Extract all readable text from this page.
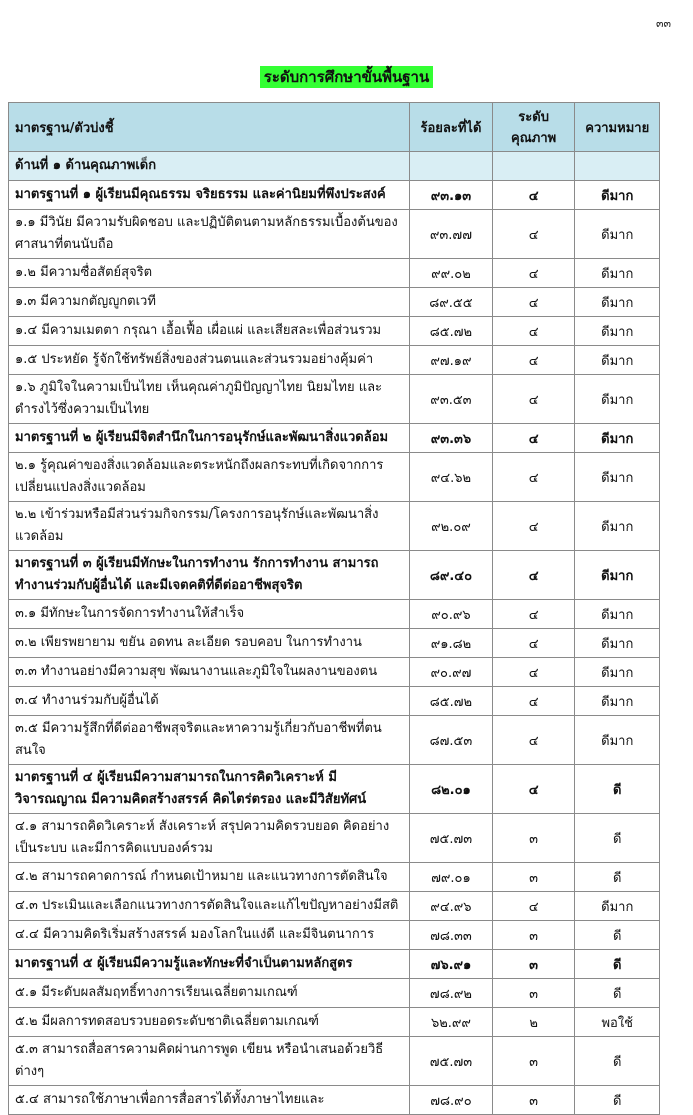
๓๓
ระดับการศึกษาขั้นพื้นฐาน
มาตรฐาน/ตัวบ่งชี้	ร้อยละที่ได้	ระดับ คุณภาพ	ความหมาย
ด้านที่ ๑ ด้านคุณภาพเด็ก			
มาตรฐานที่ ๑ ผู้เรียนมีคุณธรรม จริยธรรม และค่านิยมที่พึงประสงค์	๙๓.๑๓	๔	ดีมาก
๑.๑ มีวินัย มีความรับผิดชอบ และปฏิบัติตนตามหลักธรรมเบื้องต้นของศาสนาที่ตนนับถือ	๙๓.๗๗	๔	ดีมาก
๑.๒ มีความซื่อสัตย์สุจริต	๙๙.๐๒	๔	ดีมาก
๑.๓ มีความกตัญญูกตเวที	๘๙.๕๕	๔	ดีมาก
๑.๔ มีความเมตตา กรุณา เอื้อเฟื้อ เผื่อแผ่ และเสียสละเพื่อส่วนรวม	๘๕.๗๒	๔	ดีมาก
๑.๕ ประหยัด รู้จักใช้ทรัพย์สิ่งของส่วนตนและส่วนรวมอย่างคุ้มค่า	๙๗.๑๙	๔	ดีมาก
๑.๖ ภูมิใจในความเป็นไทย เห็นคุณค่าภูมิปัญญาไทย นิยมไทย และดำรงไว้ซึ่งความเป็นไทย	๙๓.๕๓	๔	ดีมาก
มาตรฐานที่ ๒ ผู้เรียนมีจิตสำนึกในการอนุรักษ์และพัฒนาสิ่งแวดล้อม	๙๓.๓๖	๔	ดีมาก
๒.๑ รู้คุณค่าของสิ่งแวดล้อมและตระหนักถึงผลกระทบที่เกิดจากการเปลี่ยนแปลงสิ่งแวดล้อม	๙๔.๖๒	๔	ดีมาก
๒.๒ เข้าร่วมหรือมีส่วนร่วมกิจกรรม/โครงการอนุรักษ์และพัฒนาสิ่งแวดล้อม	๙๒.๐๙	๔	ดีมาก
มาตรฐานที่ ๓ ผู้เรียนมีทักษะในการทำงาน รักการทำงาน สามารถทำงานร่วมกับผู้อื่นได้ และมีเจตคติที่ดีต่ออาชีพสุจริต	๘๙.๔๐	๔	ดีมาก
๓.๑ มีทักษะในการจัดการทำงานให้สำเร็จ	๙๐.๙๖	๔	ดีมาก
๓.๒ เพียรพยายาม ขยัน อดทน ละเอียด รอบคอบ ในการทำงาน	๙๑.๘๒	๔	ดีมาก
๓.๓ ทำงานอย่างมีความสุข พัฒนางานและภูมิใจในผลงานของตน	๙๐.๙๗	๔	ดีมาก
๓.๔ ทำงานร่วมกับผู้อื่นได้	๘๕.๗๒	๔	ดีมาก
๓.๕ มีความรู้สึกที่ดีต่ออาชีพสุจริตและหาความรู้เกี่ยวกับอาชีพที่ตนสนใจ	๘๗.๕๓	๔	ดีมาก
มาตรฐานที่ ๔ ผู้เรียนมีความสามารถในการคิดวิเคราะห์ มีวิจารณญาณ มีความคิดสร้างสรรค์ คิดไตร่ตรอง และมีวิสัยทัศน์	๘๒.๐๑	๔	ดี
๔.๑ สามารถคิดวิเคราะห์ สังเคราะห์ สรุปความคิดรวบยอด คิดอย่างเป็นระบบ และมีการคิดแบบองค์รวม	๗๕.๗๓	๓	ดี
๔.๒ สามารถคาดการณ์ กำหนดเป้าหมาย และแนวทางการตัดสินใจ	๗๙.๐๑	๓	ดี
๔.๓ ประเมินและเลือกแนวทางการตัดสินใจและแก้ไขปัญหาอย่างมีสติ	๙๔.๙๖	๔	ดีมาก
๔.๔ มีความคิดริเริ่มสร้างสรรค์ มองโลกในแง่ดี และมีจินตนาการ	๗๘.๓๓	๓	ดี
มาตรฐานที่ ๕ ผู้เรียนมีความรู้และทักษะที่จำเป็นตามหลักสูตร	๗๖.๙๑	๓	ดี
๕.๑ มีระดับผลสัมฤทธิ์ทางการเรียนเฉลี่ยตามเกณฑ์	๗๘.๙๒	๓	ดี
๕.๒ มีผลการทดสอบรวบยอดระดับชาติเฉลี่ยตามเกณฑ์	๖๒.๙๙	๒	พอใช้
๕.๓ สามารถสื่อสารความคิดผ่านการพูด เขียน หรือนำเสนอด้วยวิธีต่างๆ	๗๕.๗๓	๓	ดี
๕.๔ สามารถใช้ภาษาเพื่อการสื่อสารได้ทั้งภาษาไทยและ	๗๘.๙๐	๓	ดี
